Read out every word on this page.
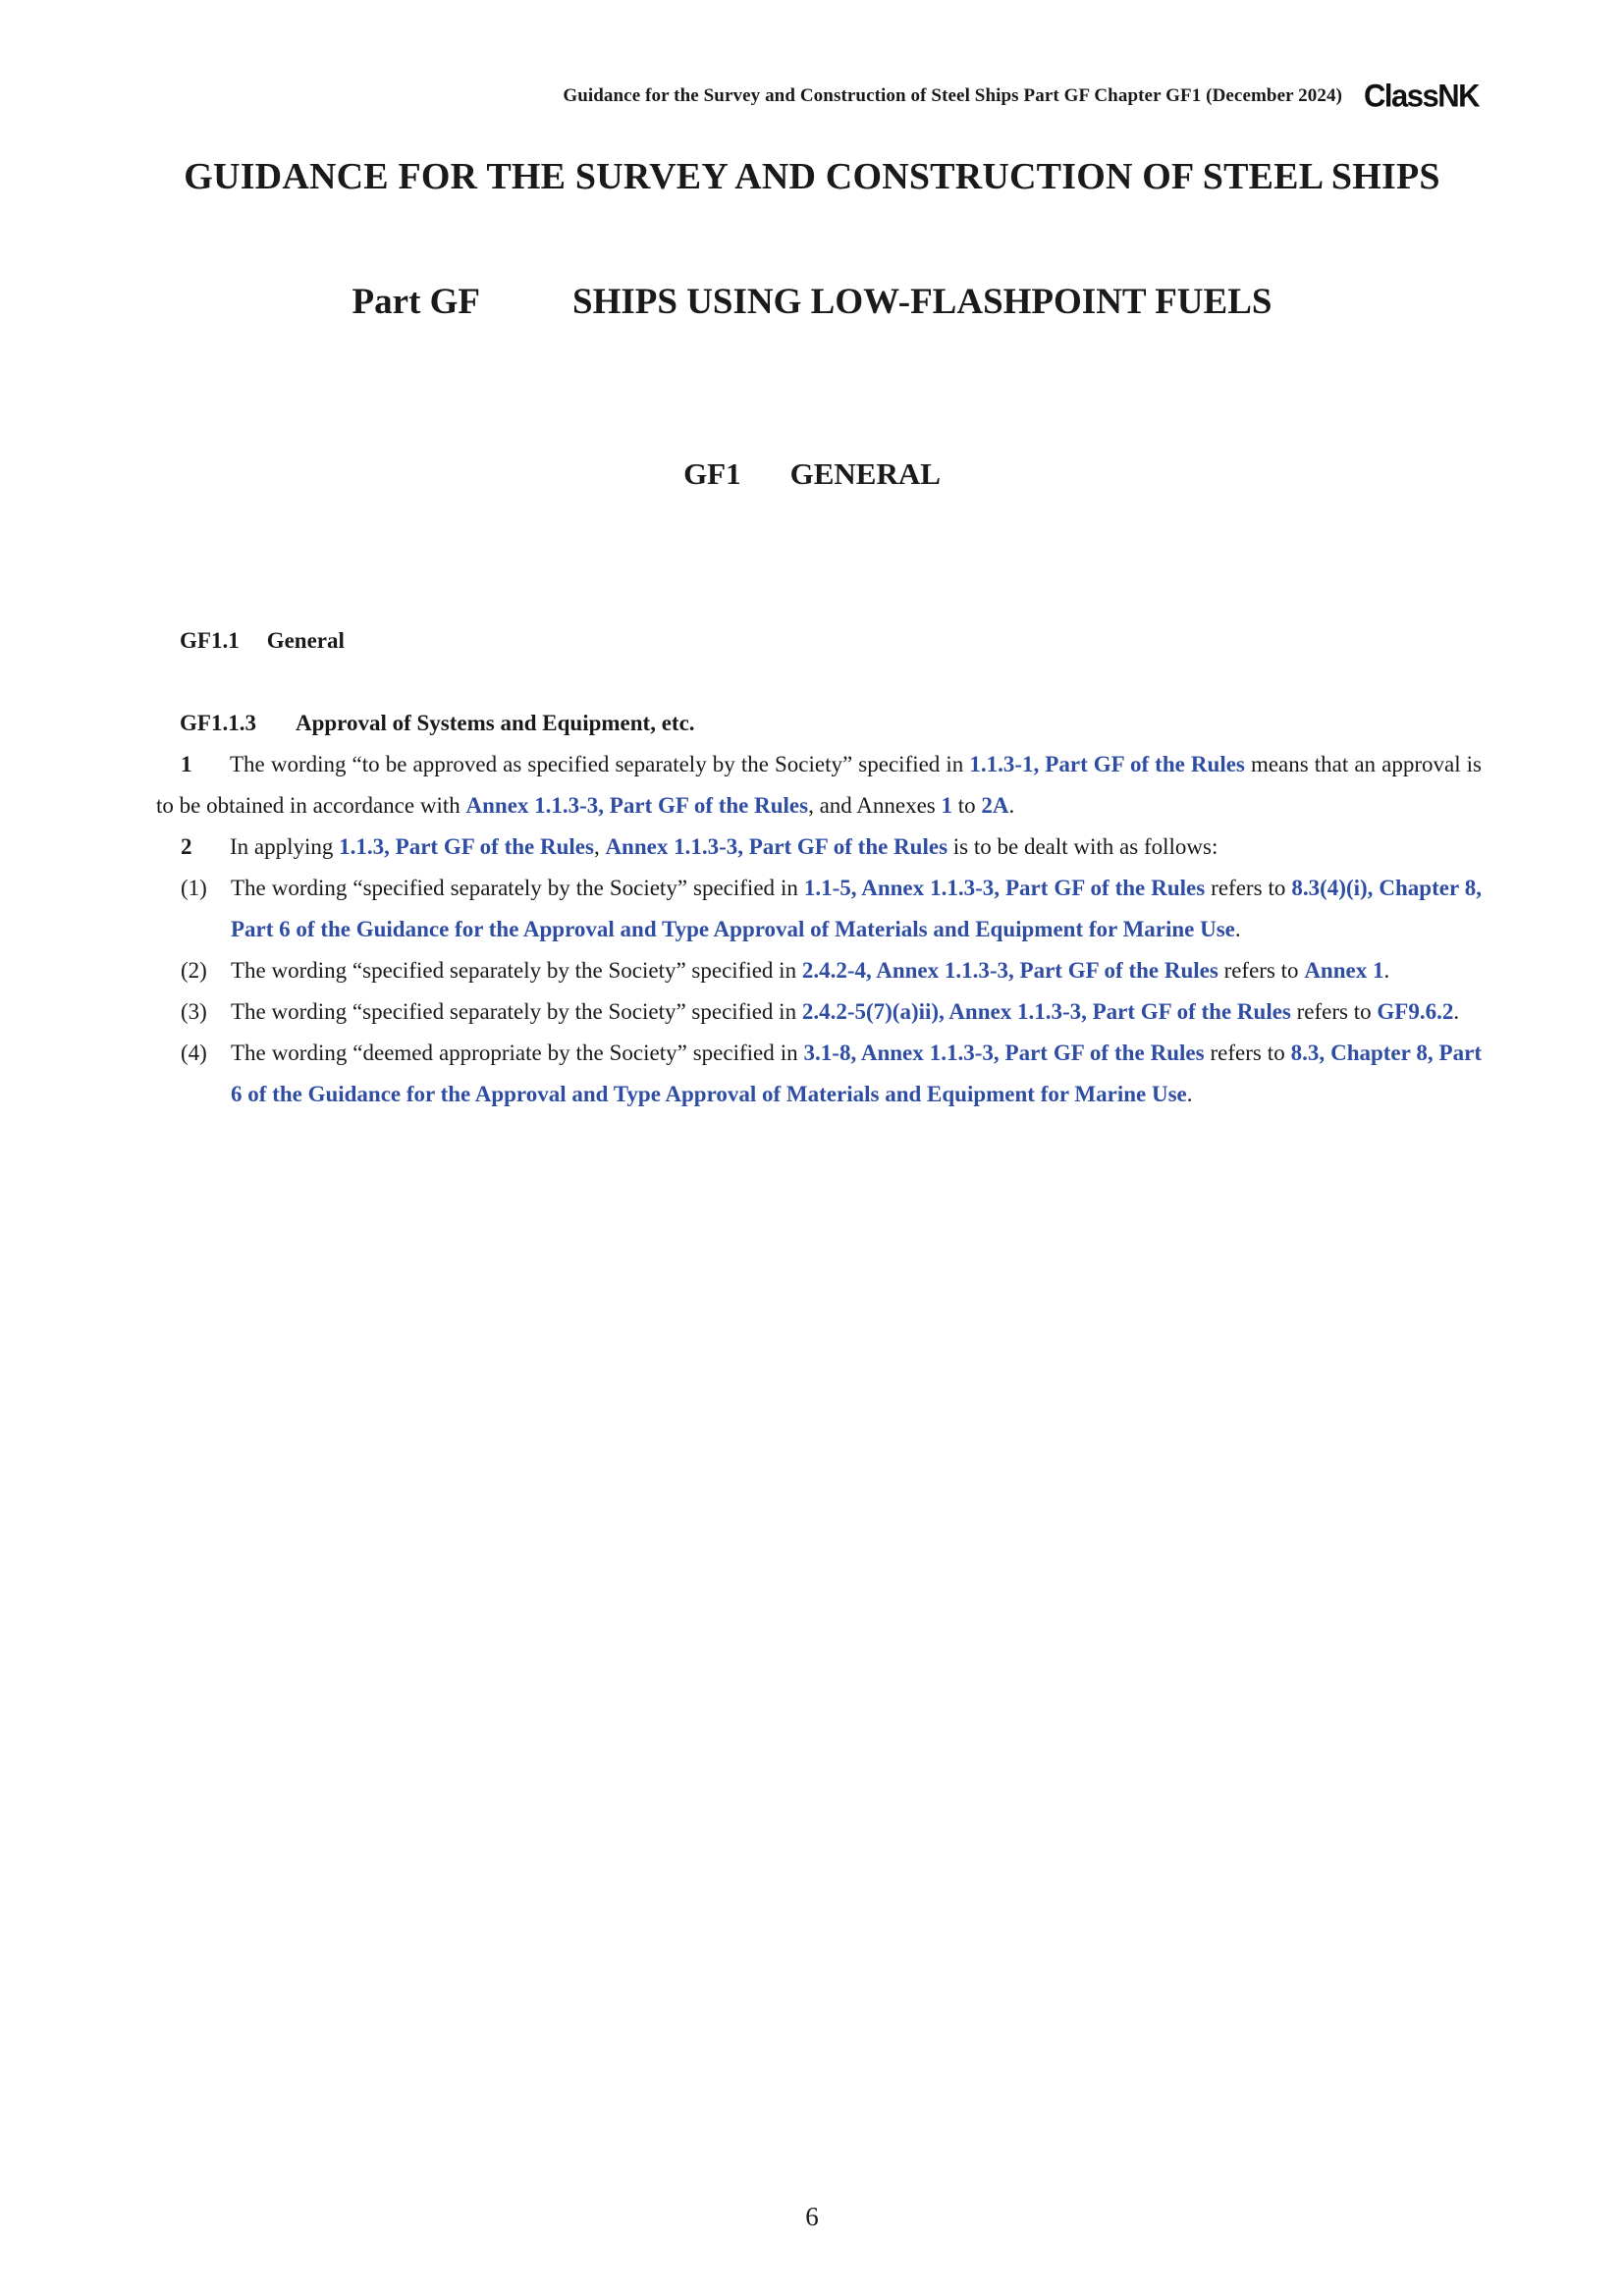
Guidance for the Survey and Construction of Steel Ships Part GF Chapter GF1 (December 2024) ClassNK
GUIDANCE FOR THE SURVEY AND CONSTRUCTION OF STEEL SHIPS
Part GF	SHIPS USING LOW-FLASHPOINT FUELS
GF1 GENERAL
GF1.1 General
GF1.1.3 Approval of Systems and Equipment, etc.

1 The wording “to be approved as specified separately by the Society” specified in 1.1.3-1, Part GF of the Rules means that an approval is to be obtained in accordance with Annex 1.1.3-3, Part GF of the Rules, and Annexes 1 to 2A.

2 In applying 1.1.3, Part GF of the Rules, Annex 1.1.3-3, Part GF of the Rules is to be dealt with as follows:

(1) The wording “specified separately by the Society” specified in 1.1-5, Annex 1.1.3-3, Part GF of the Rules refers to 8.3(4)(i), Chapter 8, Part 6 of the Guidance for the Approval and Type Approval of Materials and Equipment for Marine Use.

(2) The wording “specified separately by the Society” specified in 2.4.2-4, Annex 1.1.3-3, Part GF of the Rules refers to Annex 1.

(3) The wording “specified separately by the Society” specified in 2.4.2-5(7)(a)ii), Annex 1.1.3-3, Part GF of the Rules refers to GF9.6.2.

(4) The wording “deemed appropriate by the Society” specified in 3.1-8, Annex 1.1.3-3, Part GF of the Rules refers to 8.3, Chapter 8, Part 6 of the Guidance for the Approval and Type Approval of Materials and Equipment for Marine Use.

6
